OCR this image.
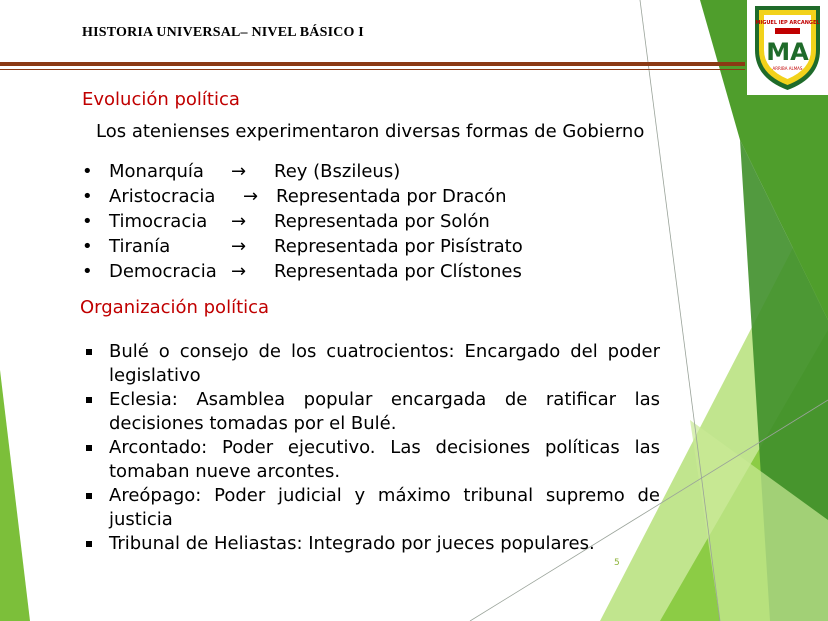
HISTORIA UNIVERSAL– NIVEL BÁSICO I
MIGUEL IEP ARCANGEL
MA
ARRIBA ALMAS
Evolución política
Los atenienses experimentaron diversas formas de Gobierno
• Monarquía → Rey (Bszileus)
• Aristocracia → Representada por Dracón
• Timocracia → Representada por Solón
• Tiranía	→ Representada por Pisístrato
• Democracia → Representada por Clístones
Organización política
Bulé o consejo de los cuatrocientos: Encargado del poder legislativo
Eclesia: Asamblea popular encargada de ratificar las decisiones tomadas por el Bulé.
Arcontado: Poder ejecutivo. Las decisiones políticas las tomaban nueve arcontes.
Areópago: Poder judicial y máximo tribunal supremo de justicia
Tribunal de Heliastas: Integrado por jueces populares.
5
